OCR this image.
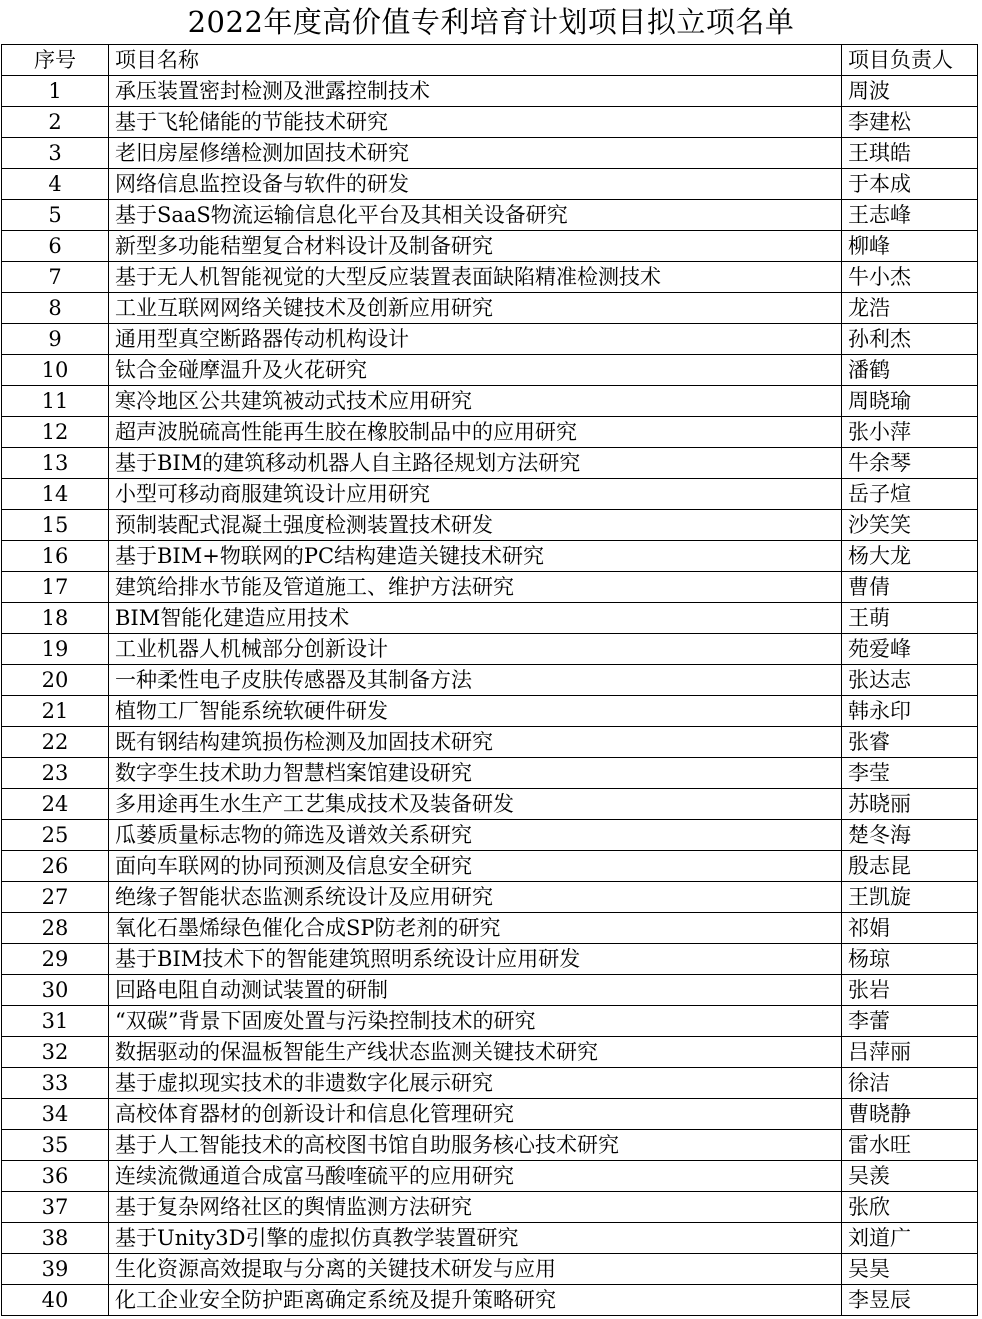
2022年度高价值专利培育计划项目拟立项名单
序号	项目名称	项目负责人
1	承压装置密封检测及泄露控制技术	周波
2	基于飞轮储能的节能技术研究	李建松
3	老旧房屋修缮检测加固技术研究	王琪皓
4	网络信息监控设备与软件的研发	于本成
5	基于SaaS物流运输信息化平台及其相关设备研究	王志峰
6	新型多功能秸塑复合材料设计及制备研究	柳峰
7	基于无人机智能视觉的大型反应装置表面缺陷精准检测技术	牛小杰
8	工业互联网网络关键技术及创新应用研究	龙浩
9	通用型真空断路器传动机构设计	孙利杰
10	钛合金碰摩温升及火花研究	潘鹤
11	寒冷地区公共建筑被动式技术应用研究	周晓瑜
12	超声波脱硫高性能再生胶在橡胶制品中的应用研究	张小萍
13	基于BIM的建筑移动机器人自主路径规划方法研究	牛余琴
14	小型可移动商服建筑设计应用研究	岳子煊
15	预制装配式混凝土强度检测装置技术研发	沙笑笑
16	基于BIM+物联网的PC结构建造关键技术研究	杨大龙
17	建筑给排水节能及管道施工、维护方法研究	曹倩
18	BIM智能化建造应用技术	王萌
19	工业机器人机械部分创新设计	苑爱峰
20	一种柔性电子皮肤传感器及其制备方法	张达志
21	植物工厂智能系统软硬件研发	韩永印
22	既有钢结构建筑损伤检测及加固技术研究	张睿
23	数字孪生技术助力智慧档案馆建设研究	李莹
24	多用途再生水生产工艺集成技术及装备研发	苏晓丽
25	瓜蒌质量标志物的筛选及谱效关系研究	楚冬海
26	面向车联网的协同预测及信息安全研究	殷志昆
27	绝缘子智能状态监测系统设计及应用研究	王凯旋
28	氧化石墨烯绿色催化合成SP防老剂的研究	祁娟
29	基于BIM技术下的智能建筑照明系统设计应用研发	杨琼
30	回路电阻自动测试装置的研制	张岩
31	“双碳”背景下固废处置与污染控制技术的研究	李蕾
32	数据驱动的保温板智能生产线状态监测关键技术研究	吕萍丽
33	基于虚拟现实技术的非遗数字化展示研究	徐洁
34	高校体育器材的创新设计和信息化管理研究	曹晓静
35	基于人工智能技术的高校图书馆自助服务核心技术研究	雷水旺
36	连续流微通道合成富马酸喹硫平的应用研究	吴羡
37	基于复杂网络社区的舆情监测方法研究	张欣
38	基于Unity3D引擎的虚拟仿真教学装置研究	刘道广
39	生化资源高效提取与分离的关键技术研发与应用	吴昊
40	化工企业安全防护距离确定系统及提升策略研究	李昱辰
